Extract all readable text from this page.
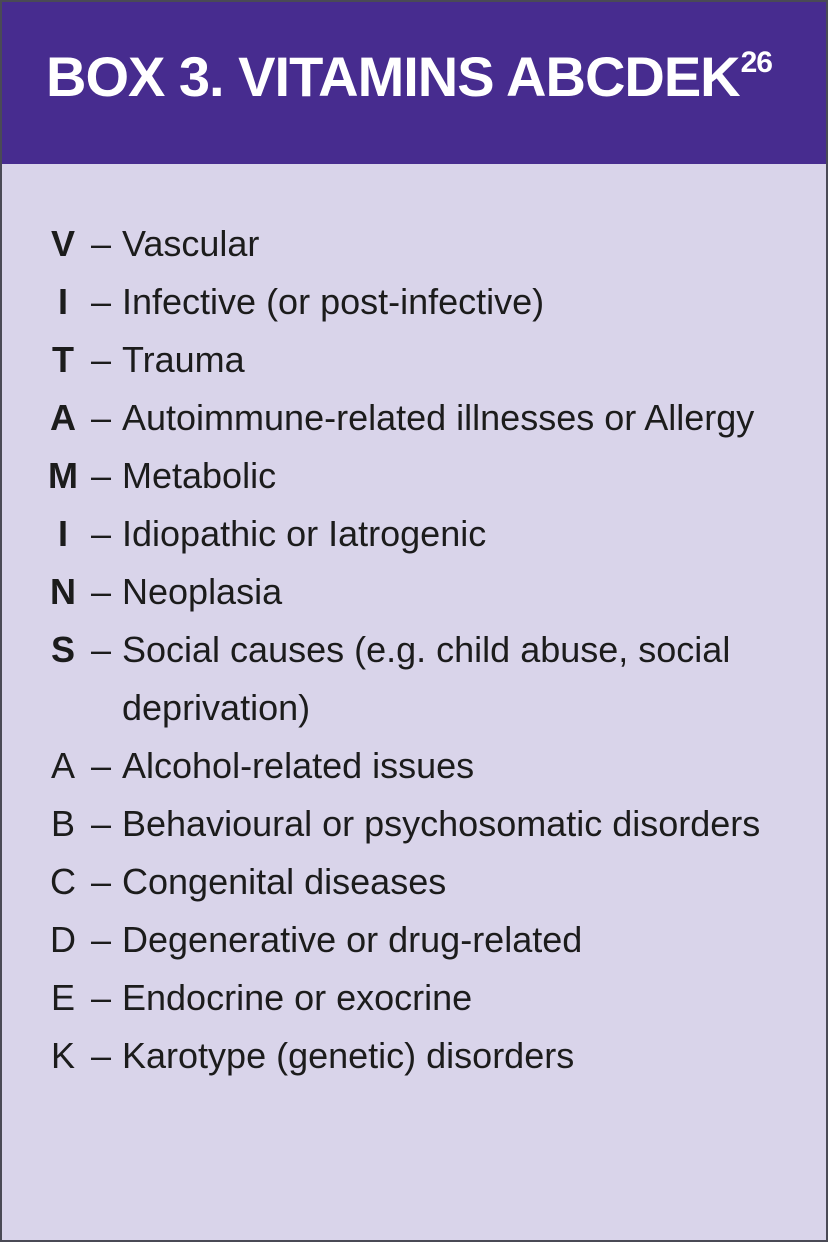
BOX 3. VITAMINS ABCDEK$^{26}$
V – Vascular
I – Infective (or post-infective)
T – Trauma
A – Autoimmune-related illnesses or Allergy
M – Metabolic
I – Idiopathic or Iatrogenic
N – Neoplasia
S – Social causes (e.g. child abuse, social deprivation)
A – Alcohol-related issues
B – Behavioural or psychosomatic disorders
C – Congenital diseases
D – Degenerative or drug-related
E – Endocrine or exocrine
K – Karotype (genetic) disorders
